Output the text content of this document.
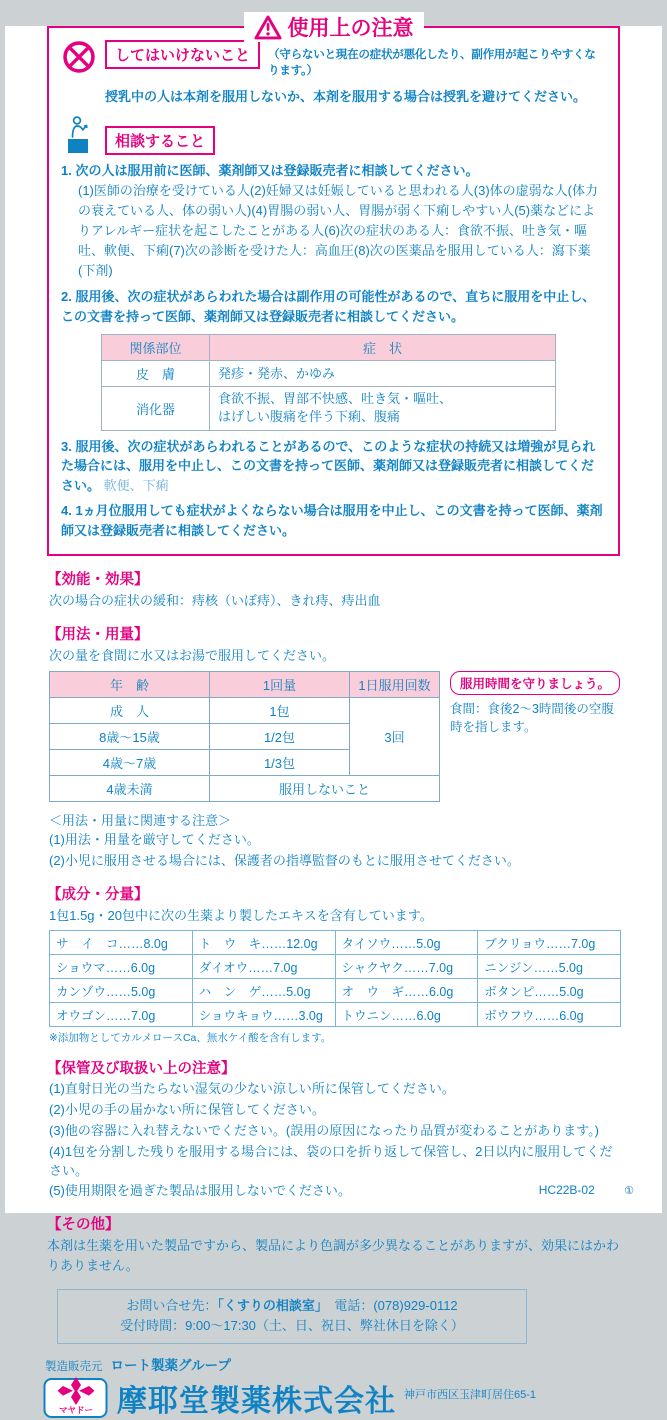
使用上の注意
してはいけないこと	（守らないと現在の症状が悪化したり、副作用が起こりやすくなります。）
授乳中の人は本剤を服用しないか、本剤を服用する場合は授乳を避けてください。
相談すること
1. 次の人は服用前に医師、薬剤師又は登録販売者に相談してください。
(1)医師の治療を受けている人(2)妊婦又は妊娠していると思われる人(3)体の虚弱な人(体力の衰えている人、体の弱い人)(4)胃腸の弱い人、胃腸が弱く下痢しやすい人(5)薬などによりアレルギー症状を起こしたことがある人(6)次の症状のある人：食欲不振、吐き気・嘔吐、軟便、下痢(7)次の診断を受けた人：高血圧(8)次の医薬品を服用している人：瀉下薬(下剤)
2. 服用後、次の症状があらわれた場合は副作用の可能性があるので、直ちに服用を中止し、この文書を持って医師、薬剤師又は登録販売者に相談してください。
関係部位	症　状
皮　膚	発疹・発赤、かゆみ
消化器	食欲不振、胃部不快感、吐き気・嘔吐、
はげしい腹痛を伴う下痢、腹痛
3. 服用後、次の症状があらわれることがあるので、このような症状の持続又は増強が見られた場合には、服用を中止し、この文書を持って医師、薬剤師又は登録販売者に相談してください。 軟便、下痢
4. 1ヵ月位服用しても症状がよくならない場合は服用を中止し、この文書を持って医師、薬剤師又は登録販売者に相談してください。
【効能・効果】
次の場合の症状の緩和：痔核（いぼ痔）、きれ痔、痔出血
【用法・用量】
次の量を食間に水又はお湯で服用してください。
年　齢	1回量	1日服用回数
成　人	1包	3回
8歳〜15歳	1/2包	
4歳〜7歳	1/3包	
4歳未満	服用しないこと	
服用時間を守りましょう。
食間：食後2〜3時間後の空腹時を指します。
＜用法・用量に関連する注意＞
(1)用法・用量を厳守してください。
(2)小児に服用させる場合には、保護者の指導監督のもとに服用させてください。
【成分・分量】
1包1.5g・20包中に次の生薬より製したエキスを含有しています。
サ　イ　コ……8.0g	ト　ウ　キ……12.0g	タイソウ……5.0g	ブクリョウ……7.0g
ショウマ……6.0g	ダイオウ……7.0g	シャクヤク……7.0g	ニンジン……5.0g
カンゾウ……5.0g	ハ　ン　ゲ……5.0g	オ　ウ　ギ……6.0g	ボタンピ……5.0g
オウゴン……7.0g	ショウキョウ……3.0g	トウニン……6.0g	ボウフウ……6.0g
※添加物としてカルメロースCa、無水ケイ酸を含有します。
【保管及び取扱い上の注意】
(1)直射日光の当たらない湿気の少ない涼しい所に保管してください。
(2)小児の手の届かない所に保管してください。
(3)他の容器に入れ替えないでください。(誤用の原因になったり品質が変わることがあります。)
(4)1包を分割した残りを服用する場合には、袋の口を折り返して保管し、2日以内に服用してください。
(5)使用期限を過ぎた製品は服用しないでください。
【その他】
本剤は生薬を用いた製品ですから、製品により色調が多少異なることがありますが、効果にはかわりありません。
お問い合せ先：「くすりの相談室」　電話：(078)929-0112
受付時間：9:00〜17:30（土、日、祝日、弊社休日を除く）
製造販売元 ロート製薬グループ
マヤドー 摩耶堂製薬株式会社 神戸市西区玉津町居住65-1
HC22B-02	①
